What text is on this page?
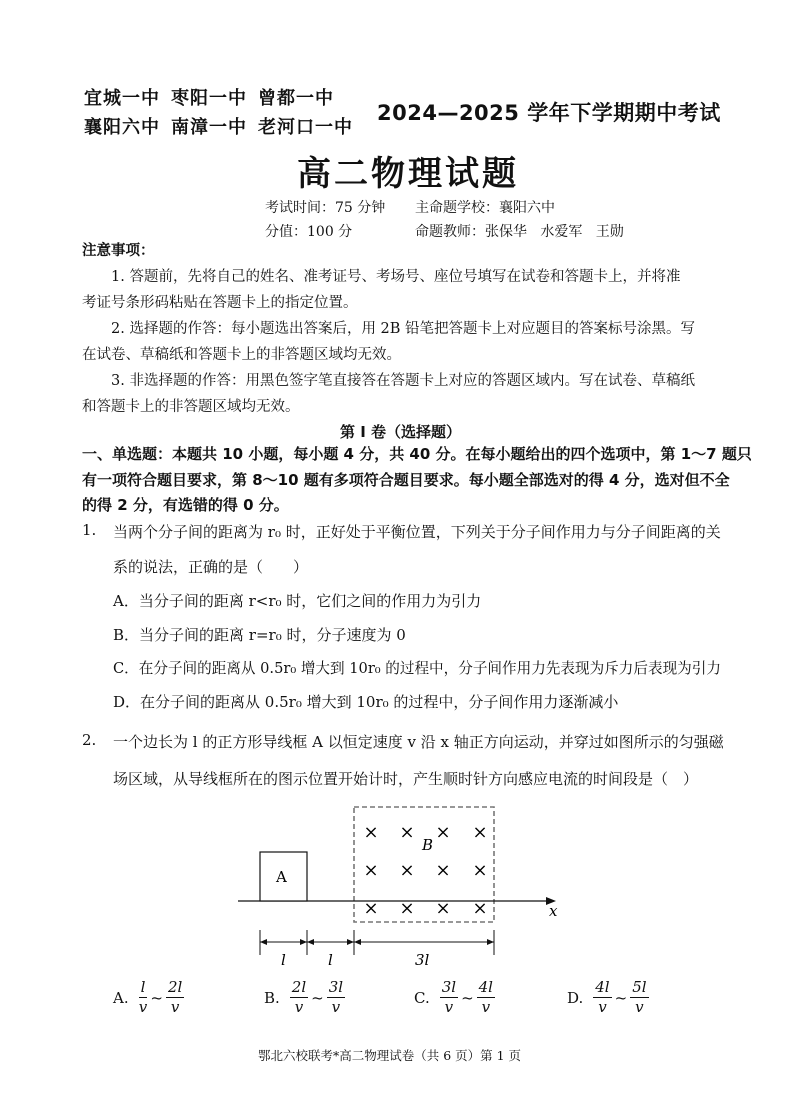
宜城一中 枣阳一中 曾都一中
襄阳六中 南漳一中 老河口一中
2024—2025 学年下学期期中考试
高二物理试题
考试时间：75 分钟 主命题学校：襄阳六中
分值：100 分	命题教师：张保华   水爱军   王勋
注意事项：
1. 答题前，先将自己的姓名、准考证号、考场号、座位号填写在试卷和答题卡上，并将准
考证号条形码粘贴在答题卡上的指定位置。
2. 选择题的作答：每小题选出答案后，用 2B 铅笔把答题卡上对应题目的答案标号涂黑。写
在试卷、草稿纸和答题卡上的非答题区域均无效。
3. 非选择题的作答：用黑色签字笔直接答在答题卡上对应的答题区域内。写在试卷、草稿纸
和答题卡上的非答题区域均无效。
第 I 卷（选择题）
一、单选题：本题共 10 小题，每小题 4 分，共 40 分。在每小题给出的四个选项中，第 1～7 题只
有一项符合题目要求，第 8～10 题有多项符合题目要求。每小题全部选对的得 4 分，选对但不全
的得 2 分，有选错的得 0 分。
1. 当两个分子间的距离为 r₀ 时，正好处于平衡位置，下列关于分子间作用力与分子间距离的关
系的说法，正确的是（　　）
A．当分子间的距离 r<r₀ 时，它们之间的作用力为引力
B．当分子间的距离 r=r₀ 时，分子速度为 0
C．在分子间的距离从 0.5r₀ 增大到 10r₀ 的过程中，分子间作用力先表现为斥力后表现为引力
D．在分子间的距离从 0.5r₀ 增大到 10r₀ 的过程中，分子间作用力逐渐减小
2. 一个边长为 l 的正方形导线框 A 以恒定速度 v 沿 x 轴正方向运动，并穿过如图所示的匀强磁
场区域，从导线框所在的图示位置开始计时，产生顺时针方向感应电流的时间段是（　）
x
A
× × × ×
× × × ×
× × × ×
B
l	l	3l
A. $\frac{l}{v}$ ~ $\frac{2l}{v}$	B. $\frac{2l}{v}$ ~ $\frac{3l}{v}$	C. $\frac{3l}{v}$ ~ $\frac{4l}{v}$	D. $\frac{4l}{v}$ ~ $\frac{5l}{v}$
鄂北六校联考*高二物理试卷（共 6 页）第 1 页
